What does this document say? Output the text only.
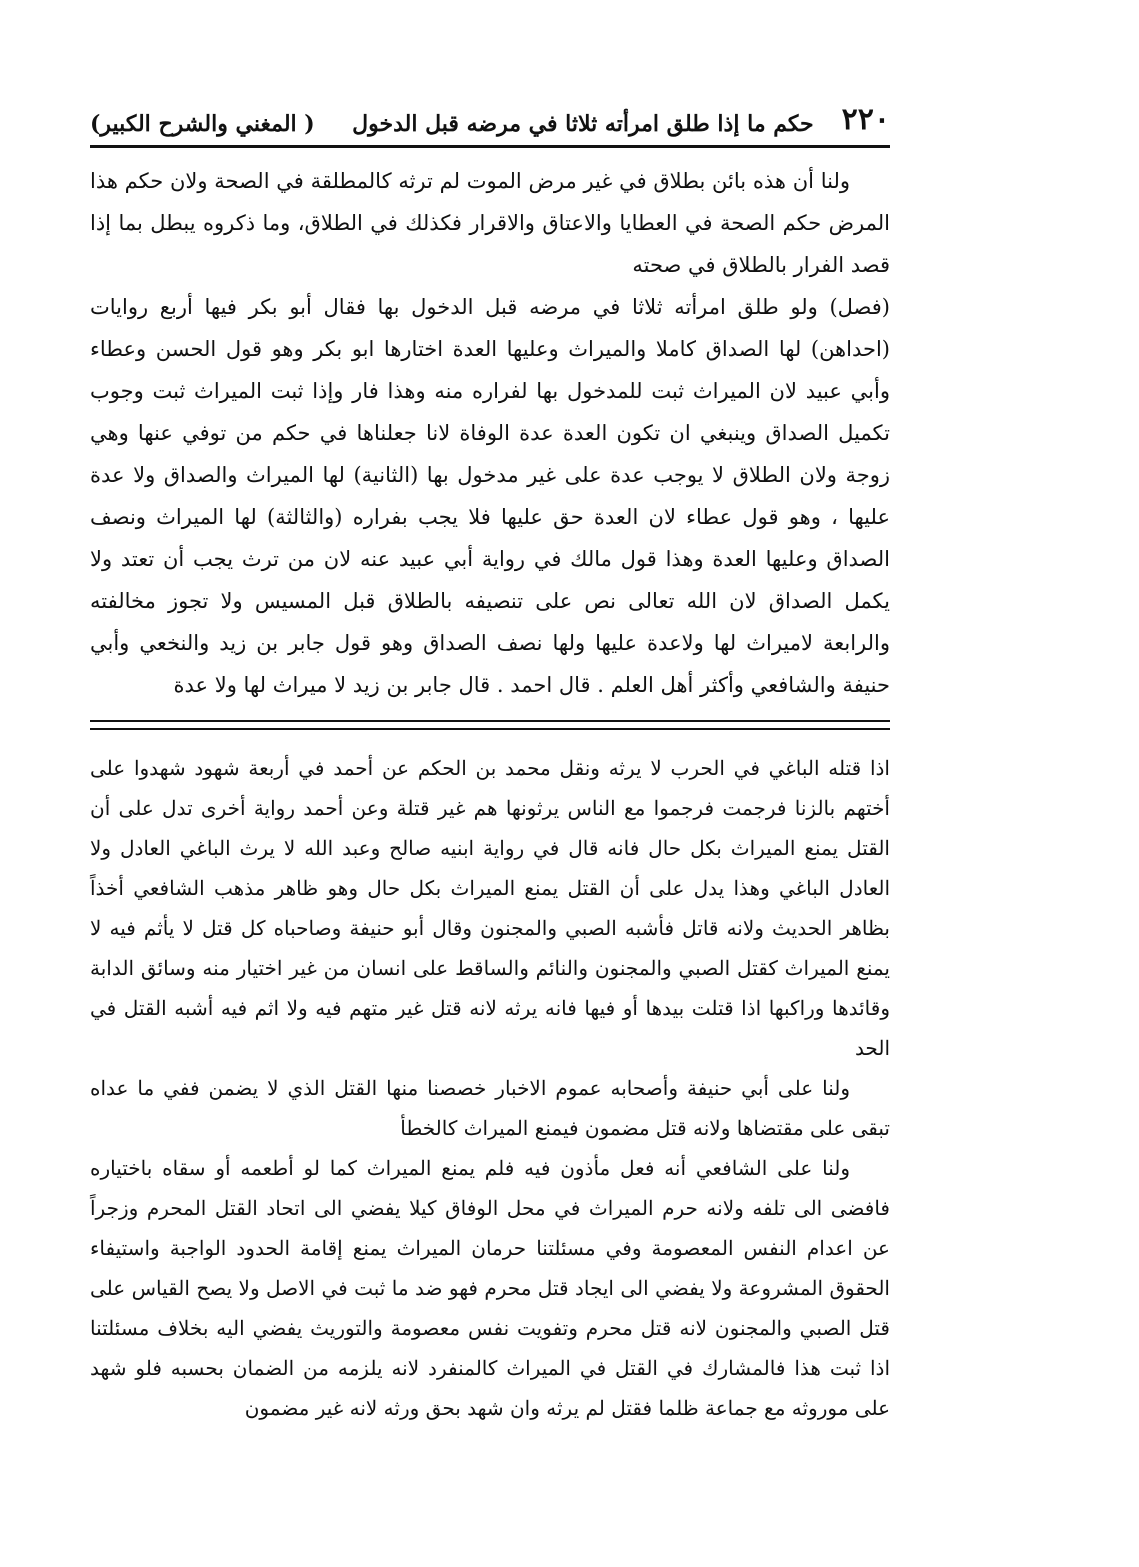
٢٢٠
حكم ما إذا طلق امرأته ثلاثا في مرضه قبل الدخول
( المغني والشرح الكبير)

ولنا أن هذه بائن بطلاق في غير مرض الموت لم ترثه كالمطلقة في الصحة ولان حكم هذا المرض حكم الصحة في العطايا والاعتاق والاقرار فكذلك في الطلاق، وما ذكروه يبطل بما إذا قصد الفرار بالطلاق في صحته

(فصل) ولو طلق امرأته ثلاثا في مرضه قبل الدخول بها فقال أبو بكر فيها أربع روايات (احداهن) لها الصداق كاملا والميراث وعليها العدة اختارها ابو بكر وهو قول الحسن وعطاء وأبي عبيد لان الميراث ثبت للمدخول بها لفراره منه وهذا فار وإذا ثبت الميراث ثبت وجوب تكميل الصداق وينبغي ان تكون العدة عدة الوفاة لانا جعلناها في حكم من توفي عنها وهي زوجة ولان الطلاق لا يوجب عدة على غير مدخول بها (الثانية) لها الميراث والصداق ولا عدة عليها ، وهو قول عطاء لان العدة حق عليها فلا يجب بفراره (والثالثة) لها الميراث ونصف الصداق وعليها العدة وهذا قول مالك في رواية أبي عبيد عنه لان من ترث يجب أن تعتد ولا يكمل الصداق لان الله تعالى نص على تنصيفه بالطلاق قبل المسيس ولا تجوز مخالفته والرابعة لاميراث لها ولاعدة عليها ولها نصف الصداق وهو قول جابر بن زيد والنخعي وأبي حنيفة والشافعي وأكثر أهل العلم . قال احمد . قال جابر بن زيد لا ميراث لها ولا عدة

اذا قتله الباغي في الحرب لا يرثه ونقل محمد بن الحكم عن أحمد في أربعة شهود شهدوا على أختهم بالزنا فرجمت فرجموا مع الناس يرثونها هم غير قتلة وعن أحمد رواية أخرى تدل على أن القتل يمنع الميراث بكل حال فانه قال في رواية ابنيه صالح وعبد الله لا يرث الباغي العادل ولا العادل الباغي وهذا يدل على أن القتل يمنع الميراث بكل حال وهو ظاهر مذهب الشافعي أخذاً بظاهر الحديث ولانه قاتل فأشبه الصبي والمجنون وقال أبو حنيفة وصاحباه كل قتل لا يأثم فيه لا يمنع الميراث كقتل الصبي والمجنون والنائم والساقط على انسان من غير اختيار منه وسائق الدابة وقائدها وراكبها اذا قتلت بيدها أو فيها فانه يرثه لانه قتل غير متهم فيه ولا اثم فيه أشبه القتل في الحد

ولنا على أبي حنيفة وأصحابه عموم الاخبار خصصنا منها القتل الذي لا يضمن ففي ما عداه تبقى على مقتضاها ولانه قتل مضمون فيمنع الميراث كالخطأ

ولنا على الشافعي أنه فعل مأذون فيه فلم يمنع الميراث كما لو أطعمه أو سقاه باختياره فافضى الى تلفه ولانه حرم الميراث في محل الوفاق كيلا يفضي الى اتحاد القتل المحرم وزجراً عن اعدام النفس المعصومة وفي مسئلتنا حرمان الميراث يمنع إقامة الحدود الواجبة واستيفاء الحقوق المشروعة ولا يفضي الى ايجاد قتل محرم فهو ضد ما ثبت في الاصل ولا يصح القياس على قتل الصبي والمجنون لانه قتل محرم وتفويت نفس معصومة والتوريث يفضي اليه بخلاف مسئلتنا اذا ثبت هذا فالمشارك في القتل في الميراث كالمنفرد لانه يلزمه من الضمان بحسبه فلو شهد على موروثه مع جماعة ظلما فقتل لم يرثه وان شهد بحق ورثه لانه غير مضمون
